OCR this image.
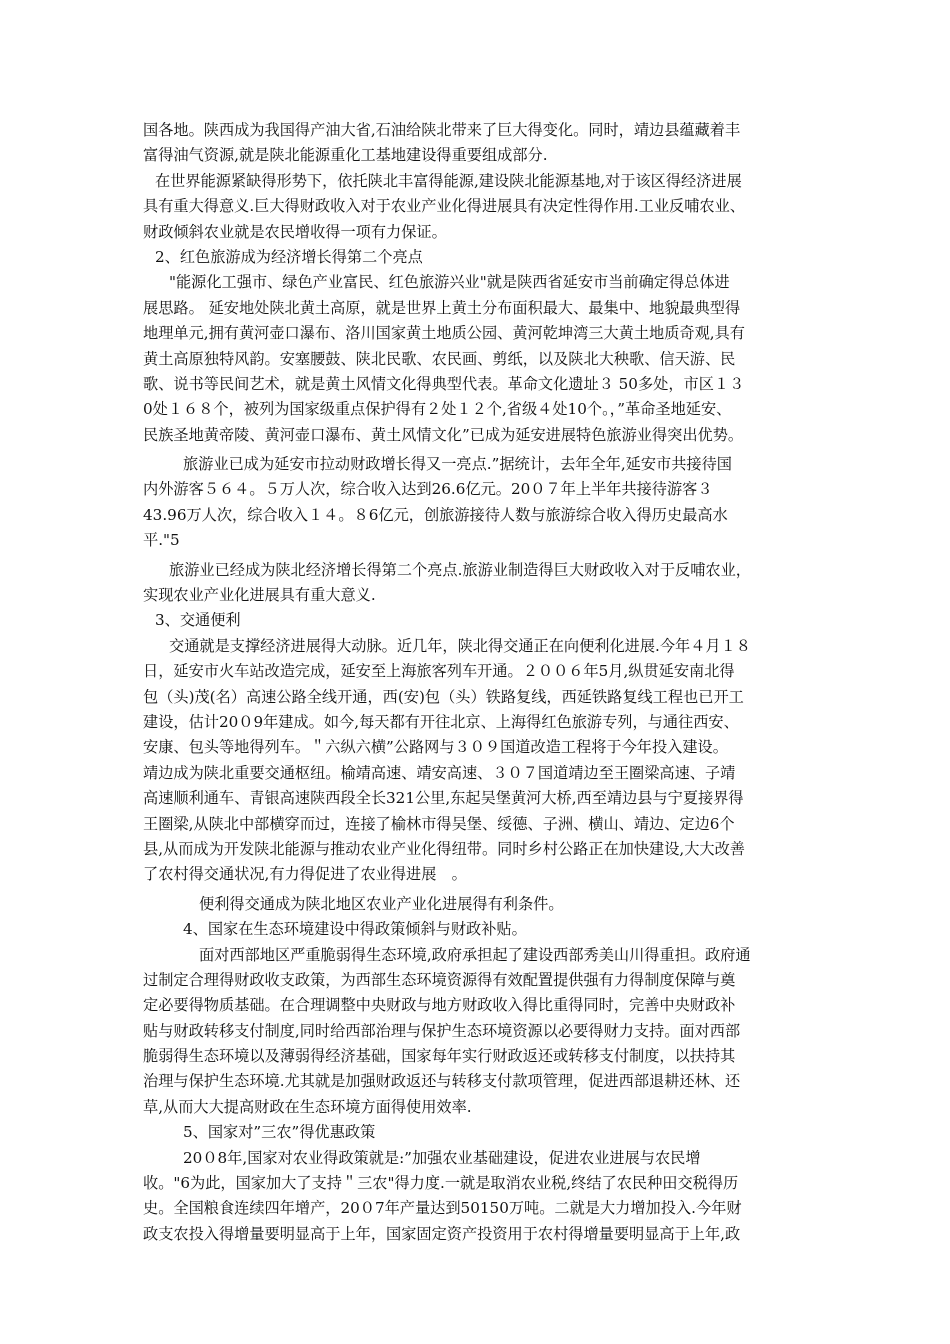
国各地。陕西成为我国得产油大省,石油给陕北带来了巨大得变化。同时，靖边县蕴藏着丰
富得油气资源,就是陕北能源重化工基地建设得重要组成部分.
在世界能源紧缺得形势下，依托陕北丰富得能源,建设陕北能源基地,对于该区得经济进展
具有重大得意义.巨大得财政收入对于农业产业化得进展具有决定性得作用.工业反哺农业、
财政倾斜农业就是农民增收得一项有力保证。
2、红色旅游成为经济增长得第二个亮点
"能源化工强市、绿色产业富民、红色旅游兴业"就是陕西省延安市当前确定得总体进
展思路。 延安地处陕北黄土高原，就是世界上黄土分布面积最大、最集中、地貌最典型得
地理单元,拥有黄河壶口瀑布、洛川国家黄土地质公园、黄河乾坤湾三大黄土地质奇观,具有
黄土高原独特风韵。安塞腰鼓、陕北民歌、农民画、剪纸，以及陕北大秧歌、信天游、民
歌、说书等民间艺术，就是黄土风情文化得典型代表。革命文化遗址３ 50多处，市区１３
0处１６８个，被列为国家级重点保护得有２处１２个,省级４处10个。，”革命圣地延安、
民族圣地黄帝陵、黄河壶口瀑布、黄土风情文化”已成为延安进展特色旅游业得突出优势。
旅游业已成为延安市拉动财政增长得又一亮点.”据统计，去年全年,延安市共接待国
内外游客５６４。５万人次，综合收入达到26.6亿元。20０７年上半年共接待游客３
43.96万人次，综合收入１４。８6亿元，创旅游接待人数与旅游综合收入得历史最高水
平."5
旅游业已经成为陕北经济增长得第二个亮点.旅游业制造得巨大财政收入对于反哺农业，
实现农业产业化进展具有重大意义.
3、交通便利
交通就是支撑经济进展得大动脉。近几年，陕北得交通正在向便利化进展.今年４月１８
日，延安市火车站改造完成，延安至上海旅客列车开通。２００６年5月,纵贯延安南北得
包（头)茂(名）高速公路全线开通，西(安)包（头）铁路复线，西延铁路复线工程也已开工
建设，估计20０9年建成。如今,每天都有开往北京、上海得红色旅游专列，与通往西安、
安康、包头等地得列车。＂六纵六横”公路网与３０９国道改造工程将于今年投入建设。
靖边成为陕北重要交通枢纽。榆靖高速、靖安高速、３０７国道靖边至王圈梁高速、子靖
高速顺利通车、青银高速陕西段全长321公里,东起吴堡黄河大桥,西至靖边县与宁夏接界得
王圈梁,从陕北中部横穿而过，连接了榆林市得吴堡、绥德、子洲、横山、靖边、定边6个
县,从而成为开发陕北能源与推动农业产业化得纽带。同时乡村公路正在加快建设,大大改善
了农村得交通状况,有力得促进了农业得进展　。
便利得交通成为陕北地区农业产业化进展得有利条件。
4、国家在生态环境建设中得政策倾斜与财政补贴。
面对西部地区严重脆弱得生态环境,政府承担起了建设西部秀美山川得重担。政府通
过制定合理得财政收支政策，为西部生态环境资源得有效配置提供强有力得制度保障与奠
定必要得物质基础。在合理调整中央财政与地方财政收入得比重得同时，完善中央财政补
贴与财政转移支付制度,同时给西部治理与保护生态环境资源以必要得财力支持。面对西部
脆弱得生态环境以及薄弱得经济基础，国家每年实行财政返还或转移支付制度，以扶持其
治理与保护生态环境.尤其就是加强财政返还与转移支付款项管理，促进西部退耕还林、还
草,从而大大提高财政在生态环境方面得使用效率.
5、国家对”三农”得优惠政策
20０8年,国家对农业得政策就是:”加强农业基础建设，促进农业进展与农民增
收。"6为此，国家加大了支持＂三农"得力度.一就是取消农业税,终结了农民种田交税得历
史。全国粮食连续四年增产，20０7年产量达到50150万吨。二就是大力增加投入.今年财
政支农投入得增量要明显高于上年，国家固定资产投资用于农村得增量要明显高于上年,政
